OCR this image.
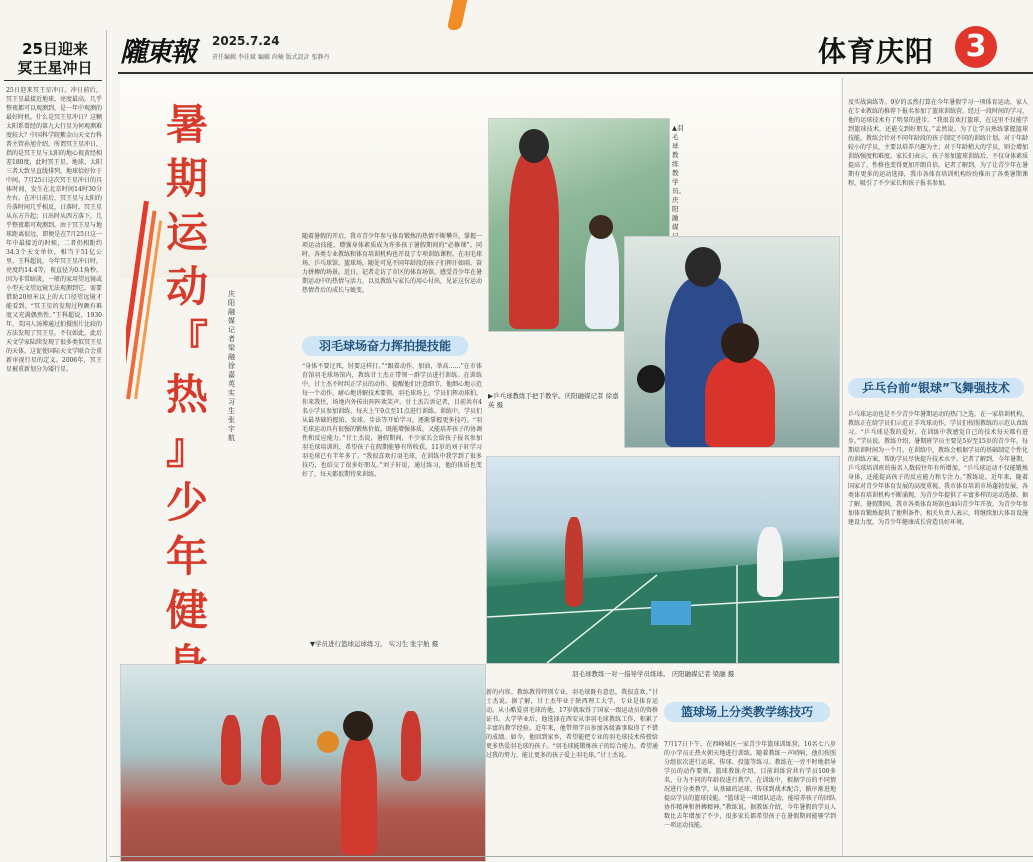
隴東報	2025.7.24
責任編輯 李佳斌 編輯 尚楠 版式設計 張静丹	体育庆阳	3
25日迎来
冥王星冲日
25日迎来冥王星冲日。冲日前后，冥王星最接近地球，亮度最高，几乎整夜都可以观测到，是一年中观测的最好时机。什么是冥王星冲日？这颗太阳系曾经的第九大行星为何观测难度较大？中国科学院紫金山天文台科普主管孙旭介绍，所谓冥王星冲日，指的是冥王星与太阳的地心视黄经相差180度，此时冥王星、地球、太阳三者大致呈直线排列，地球恰好位于中间。7月25日这次冥王星冲日的具体时间，发生在北京时间14时30分左右。在冲日前后，冥王星与太阳的升落时间几乎相反，日落时，冥王星从东方升起；日出时从西方落下，几乎整夜都可观测到。由于冥王星与地球距离很远，即便是在7月25日这一年中最接近的时候，二者仍相距约34.3个天文单位，相当于51亿公里。王科超说，今年冥王星冲日时，亮度约14.4等，视直径为0.1角秒。因为非常暗淡，一般的家用望远镜或小型天文望远镜无法观测到它，需要借助20厘米以上的大口径望远镜才能看到。“冥王星的发现过程颇有难度又充满偶然性。”王科超说，1930年，美国人汤博通过拍摄照片比较的方法发现了冥王星。不仅如此，此后天文学家陆续发现了很多类似冥王星的天体，这促使国际天文学联合会重新审视行星的定义。2006年，冥王星被重新划分为矮行星。
暑
期
运
动
『
热
』
少
年
健
庆阳融媒记者 梁融 徐嘉英 实习生 张宇航
随着暑假的开启，我市青少年参与体育锻炼的热情不断攀升，掌握一项运动技能、增强身体素质成为许多孩子暑假期间的“必修课”。同时，各类专业教练和体育培训机构也开设了专项训练课程。在羽毛球场、乒乓球馆、篮球场，随处可见不同年龄段的孩子们挥汗如雨、奋力拼搏的场景。近日，记者走访了市区的体育场馆，感受青少年在暑期运动中的热情与活力，以及教练与家长的用心付出，见证这份运动热情背后的成长与蜕变。
羽毛球场奋力挥拍提技能
“身体不要过死，肘要这样打。”“跟着动作，加油，举高……”在市体育馆羽毛球场馆内，教练甘士杰正带领一群学员进行训练。在训练中，甘士杰不时纠正学员的动作，提醒他们注意细节，他细心地示范每一个动作，耐心地讲解技术要领。羽毛球场上，学员们挥动球拍，你来我往，场地内外传出阵阵欢笑声。甘士杰告诉记者，目前共有4名小学员参加训练，每天上午9点至11点进行训练。训练中，学员们从最基础的握拍、发球、步法等开始学习，逐渐掌握更多技巧。“羽毛球运动具有很强的锻炼价值，既能增强体质，又能培养孩子的协调性和反应能力。”甘士杰说，暑假期间，不少家长会给孩子报名参加羽毛球培训班，希望孩子在假期能够有所收获。11岁的刘子轩学习羽毛球已有半年多了。“我很喜欢打羽毛球，在训练中我学到了很多技巧，也结交了很多好朋友。”刘子轩说，通过练习，他的体质也变好了，每天都很期待来训练。
▲羽毛球教练教学员。庆阳融媒
▶乒乓球教练手把手教学。庆阳融媒记者 徐嘉英 摄
羽毛球教练一对一指导学员练球。 庆阳融媒记者 梁融 摄
▼学员进行篮球运球练习。 实习生 张宇航 摄
新的内容。教练教得特别专业，羽毛球既有意思，我很喜欢。”甘士杰说。据了解，甘士杰毕业于陕西理工大学，专业是体育运动。从小酷爱羽毛球的他，17岁就取得了国家一级运动员的资格证书。大学毕业后，他选择在西安从事羽毛球教练工作，积累了丰富的教学经验。近年来，他带领学员参加各级赛事取得了不错的成绩。如今，他回到家乡，希望能把专业的羽毛球技术传授给更多热爱羽毛球的孩子。“羽毛球能锻炼孩子的综合能力，希望通过我的努力，能让更多的孩子爱上羽毛球。”甘士杰说。
篮球场上分类教学练技巧
7月17日下午，在西峰城区一家青少年篮球训练营，16名七八岁的小学员正热火朝天地进行训练。随着教练一声哨响，他们按照分组依次进行运球、传球、投篮等练习。教练在一旁不时地指导学员的动作要领。篮球教练介绍，目前训练营共有学员100多名，分为不同的年龄段进行教学。在训练中，根据学员的不同情况进行分类教学，从基础的运球、传球到战术配合，循序渐进地提高学员的篮球技能。“篮球是一项团队运动，能培养孩子的团队协作精神和拼搏精神。”教练说。据教练介绍，今年暑假的学员人数比去年增加了不少，很多家长都希望孩子在暑假期间能够学到一项运动技能。
及实战演练等。9岁的孟然打算在今年暑假学习一项体育运动，家人在专业教练的推荐下报名参加了篮球训练营。经过一段时间的学习，他的运球技术有了明显的进步。“我很喜欢打篮球，在这里不仅能学到篮球技术，还能交到好朋友。”孟然说。为了让学员熟练掌握篮球技能，教练会针对不同年龄段的孩子制定不同的训练计划。对于年龄较小的学员，主要以培养兴趣为主；对于年龄稍大的学员，则会增加训练强度和难度。家长们表示，孩子参加篮球训练后，不仅身体素质提高了，性格也变得更加开朗自信。记者了解到，为了让青少年在暑期有更多的运动选择，我市各体育培训机构纷纷推出了各类暑期课程，吸引了不少家长和孩子报名参加。
乒乓台前“银球”飞舞强技术
乒乓球运动也是不少青少年暑期运动的热门之选。在一家培训机构，教练正在给学员们示范正手攻球动作，学员们按照教练的示范认真练习。“乒乓球是我的爱好，在训练中我感觉自己的技术每天都有进步。”学员说。教练介绍，暑期班学员主要是5岁至15岁的青少年，每期培训时间为一个月。在训练中，教练会根据学员的基础制定个性化的训练方案，帮助学员尽快提升技术水平。记者了解到，今年暑期，乒乓球培训班的报名人数较往年有所增加。“乒乓球运动不仅能锻炼身体，还能提高孩子的反应能力和专注力。”教练说。近年来，随着国家对青少年体育发展的高度重视，我市体育培训市场蓬勃发展，各类体育培训机构不断涌现，为青少年提供了丰富多样的运动选择。据了解，暑假期间，我市各类体育场馆也面向青少年开放，为青少年参加体育锻炼提供了便利条件。相关负责人表示，将继续加大体育设施建设力度，为青少年健康成长营造良好环境。
